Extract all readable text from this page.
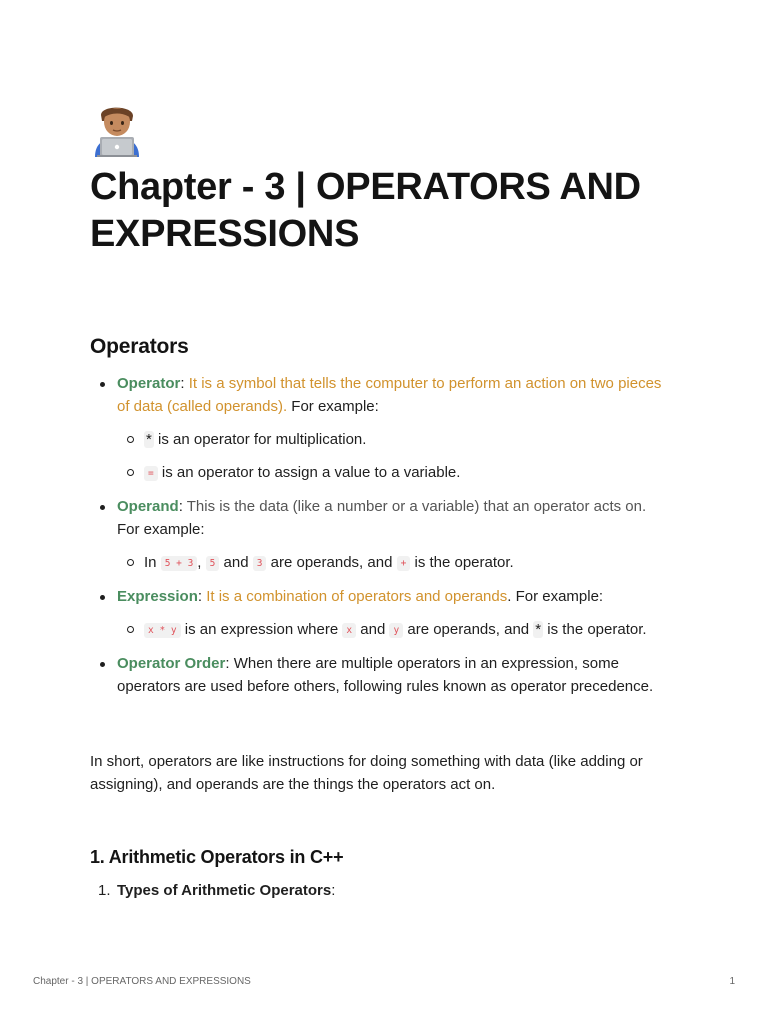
Chapter - 3 | OPERATORS AND EXPRESSIONS
Operators
Operator: It is a symbol that tells the computer to perform an action on two pieces of data (called operands). For example:
* is an operator for multiplication.
= is an operator to assign a value to a variable.
Operand: This is the data (like a number or a variable) that an operator acts on. For example:
In 5 + 3 , 5 and 3 are operands, and + is the operator.
Expression: It is a combination of operators and operands. For example:
x * y is an expression where x and y are operands, and * is the operator.
Operator Order: When there are multiple operators in an expression, some operators are used before others, following rules known as operator precedence.

In short, operators are like instructions for doing something with data (like adding or assigning), and operands are the things the operators act on.

1. Arithmetic Operators in C++
1. Types of Arithmetic Operators:
Chapter - 3 | OPERATORS AND EXPRESSIONS	1
